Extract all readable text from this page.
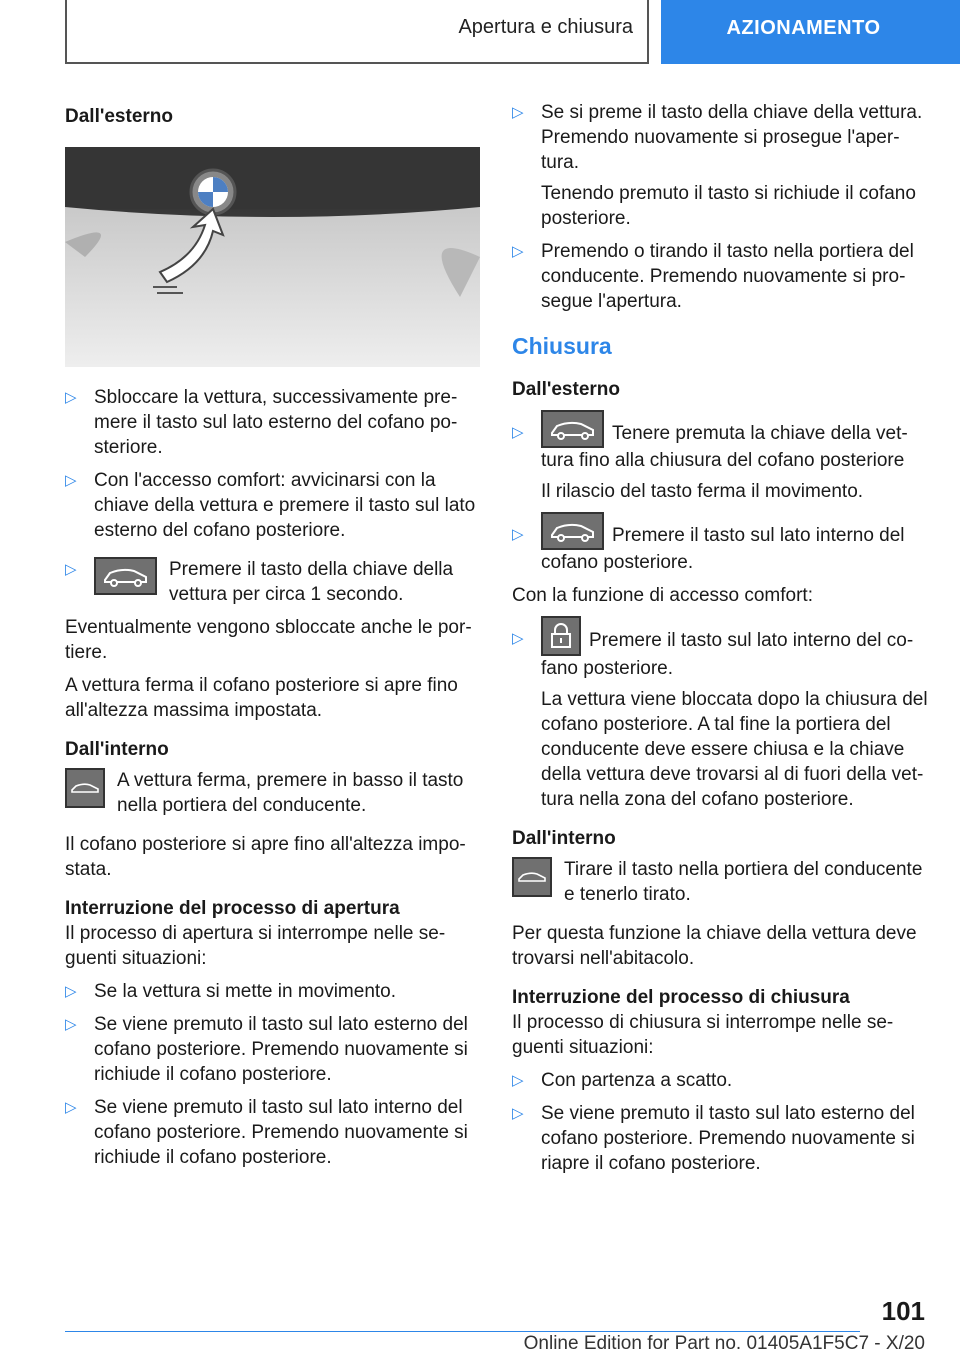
Apertura e chiusura	AZIONAMENTO
Dall'esterno
▷ Sbloccare la vettura, successivamente premere il tasto sul lato esterno del cofano posteriore.
▷ Con l'accesso comfort: avvicinarsi con la chiave della vettura e premere il tasto sul lato esterno del cofano posteriore.
▷	Premere il tasto della chiave della vettura per circa 1 secondo.

Eventualmente vengono sbloccate anche le portiere.

A vettura ferma il cofano posteriore si apre fino all'altezza massima impostata.

Dall'interno
A vettura ferma, premere in basso il tasto nella portiera del conducente.

Il cofano posteriore si apre fino all'altezza impostata.

Interruzione del processo di apertura

Il processo di apertura si interrompe nelle seguenti situazioni:

▷ Se la vettura si mette in movimento.
▷ Se viene premuto il tasto sul lato esterno del cofano posteriore. Premendo nuovamente si richiude il cofano posteriore.
▷ Se viene premuto il tasto sul lato interno del cofano posteriore. Premendo nuovamente si richiude il cofano posteriore.
▷ Se si preme il tasto della chiave della vettura. Premendo nuovamente si prosegue l'apertura.

Tenendo premuto il tasto si richiude il cofano posteriore.

▷ Premendo o tirando il tasto nella portiera del conducente. Premendo nuovamente si prosegue l'apertura.
Chiusura
Dall'esterno
▷	Tenere premuta la chiave della vettura fino alla chiusura del cofano posteriore

Il rilascio del tasto ferma il movimento.

▷	Premere il tasto sul lato interno del cofano posteriore.

Con la funzione di accesso comfort:

▷	Premere il tasto sul lato interno del cofano posteriore.

La vettura viene bloccata dopo la chiusura del cofano posteriore. A tal fine la portiera del conducente deve essere chiusa e la chiave della vettura deve trovarsi al di fuori della vettura nella zona del cofano posteriore.

Dall'interno
Tirare il tasto nella portiera del conducente e tenerlo tirato.

Per questa funzione la chiave della vettura deve trovarsi nell'abitacolo.

Interruzione del processo di chiusura

Il processo di chiusura si interrompe nelle seguenti situazioni:

▷ Con partenza a scatto.
▷ Se viene premuto il tasto sul lato esterno del cofano posteriore. Premendo nuovamente si riapre il cofano posteriore.
101
Online Edition for Part no. 01405A1F5C7 - X/20
